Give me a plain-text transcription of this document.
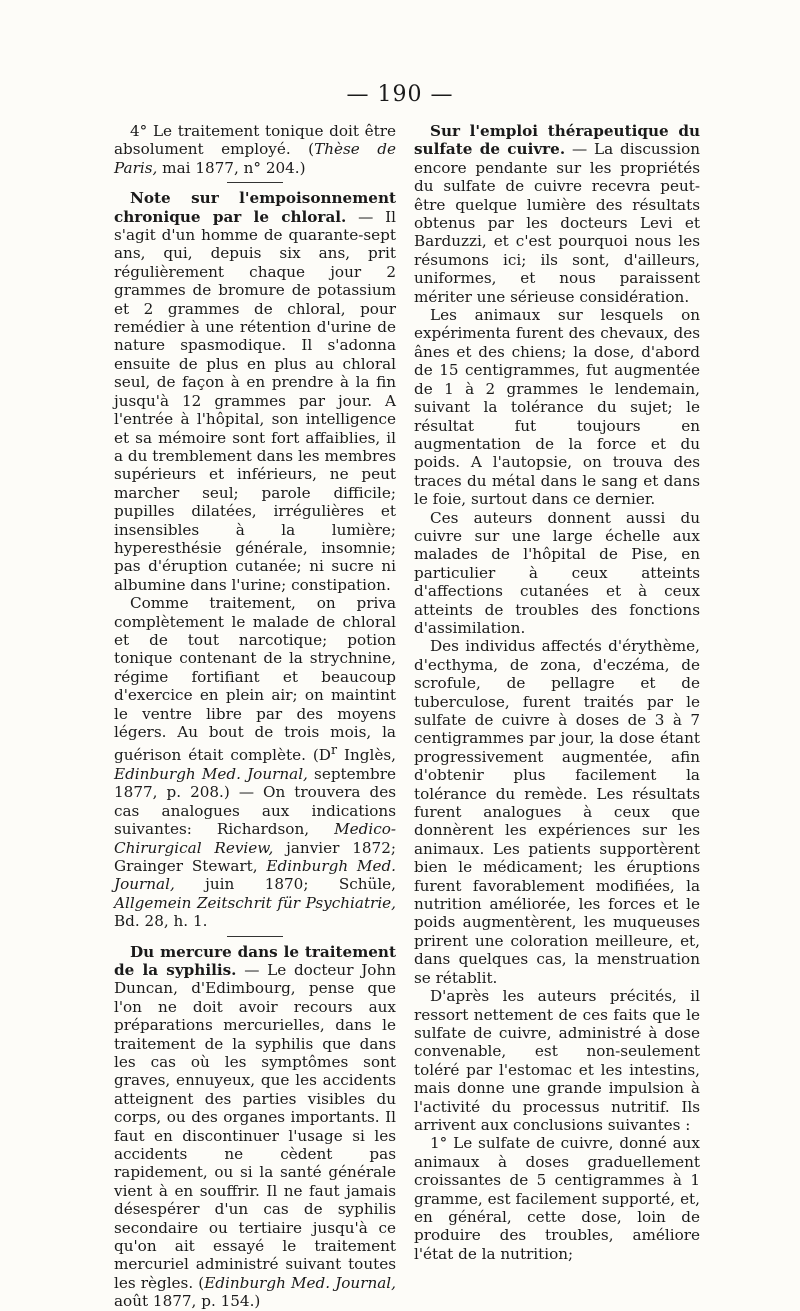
— 190 —

4° Le traitement tonique doit être absolument employé. (Thèse de Paris, mai 1877, n° 204.)

Note sur l'empoisonnement chronique par le chloral. — Il s'agit d'un homme de quarante-sept ans, qui, depuis six ans, prit régulièrement chaque jour 2 grammes de bromure de potassium et 2 grammes de chloral, pour remédier à une rétention d'urine de nature spasmodique. Il s'adonna ensuite de plus en plus au chloral seul, de façon à en prendre à la fin jusqu'à 12 grammes par jour. A l'entrée à l'hôpital, son intelligence et sa mémoire sont fort affaiblies, il a du tremblement dans les membres supérieurs et inférieurs, ne peut marcher seul; parole difficile; pupilles dilatées, irrégulières et insensibles à la lumière; hyperesthésie générale, insomnie; pas d'éruption cutanée; ni sucre ni albumine dans l'urine; constipation.

Comme traitement, on priva complètement le malade de chloral et de tout narcotique; potion tonique contenant de la strychnine, régime fortifiant et beaucoup d'exercice en plein air; on maintint le ventre libre par des moyens légers. Au bout de trois mois, la guérison était complète. ($D^r$ Inglès, Edinburgh Med. Journal, septembre 1877, p. 208.) — On trouvera des cas analogues aux indications suivantes: Richardson, Medico-Chirurgical Review, janvier 1872; Grainger Stewart, Edinburgh Med. Journal, juin 1870; Schüle, Allgemein Zeitschrit für Psychiatrie, Bd. 28, h. 1.

Du mercure dans le traitement de la syphilis. — Le docteur John Duncan, d'Edimbourg, pense que l'on ne doit avoir recours aux préparations mercurielles, dans le traitement de la syphilis que dans les cas où les symptômes sont graves, ennuyeux, que les accidents atteignent des parties visibles du corps, ou des organes importants. Il faut en discontinuer l'usage si les accidents ne cèdent pas rapidement, ou si la santé générale vient à en souffrir. Il ne faut jamais désespérer d'un cas de syphilis secondaire ou tertiaire jusqu'à ce qu'on ait essayé le traitement mercuriel administré suivant toutes les règles. (Edinburgh Med. Journal, août 1877, p. 154.)

Sur l'emploi thérapeutique du sulfate de cuivre. — La discussion encore pendante sur les propriétés du sulfate de cuivre recevra peut-être quelque lumière des résultats obtenus par les docteurs Levi et Barduzzi, et c'est pourquoi nous les résumons ici; ils sont, d'ailleurs, uniformes, et nous paraissent mériter une sérieuse considération.

Les animaux sur lesquels on expérimenta furent des chevaux, des ânes et des chiens; la dose, d'abord de 15 centigrammes, fut augmentée de 1 à 2 grammes le lendemain, suivant la tolérance du sujet; le résultat fut toujours en augmentation de la force et du poids. A l'autopsie, on trouva des traces du métal dans le sang et dans le foie, surtout dans ce dernier.

Ces auteurs donnent aussi du cuivre sur une large échelle aux malades de l'hôpital de Pise, en particulier à ceux atteints d'affections cutanées et à ceux atteints de troubles des fonctions d'assimilation.

Des individus affectés d'érythème, d'ecthyma, de zona, d'eczéma, de scrofule, de pellagre et de tuberculose, furent traités par le sulfate de cuivre à doses de 3 à 7 centigrammes par jour, la dose étant progressivement augmentée, afin d'obtenir plus facilement la tolérance du remède. Les résultats furent analogues à ceux que donnèrent les expériences sur les animaux. Les patients supportèrent bien le médicament; les éruptions furent favorablement modifiées, la nutrition améliorée, les forces et le poids augmentèrent, les muqueuses prirent une coloration meilleure, et, dans quelques cas, la menstruation se rétablit.

D'après les auteurs précités, il ressort nettement de ces faits que le sulfate de cuivre, administré à dose convenable, est non-seulement toléré par l'estomac et les intestins, mais donne une grande impulsion à l'activité du processus nutritif. Ils arrivent aux conclusions suivantes :

1° Le sulfate de cuivre, donné aux animaux à doses graduellement croissantes de 5 centigrammes à 1 gramme, est facilement supporté, et, en général, cette dose, loin de produire des troubles, améliore l'état de la nutrition;
